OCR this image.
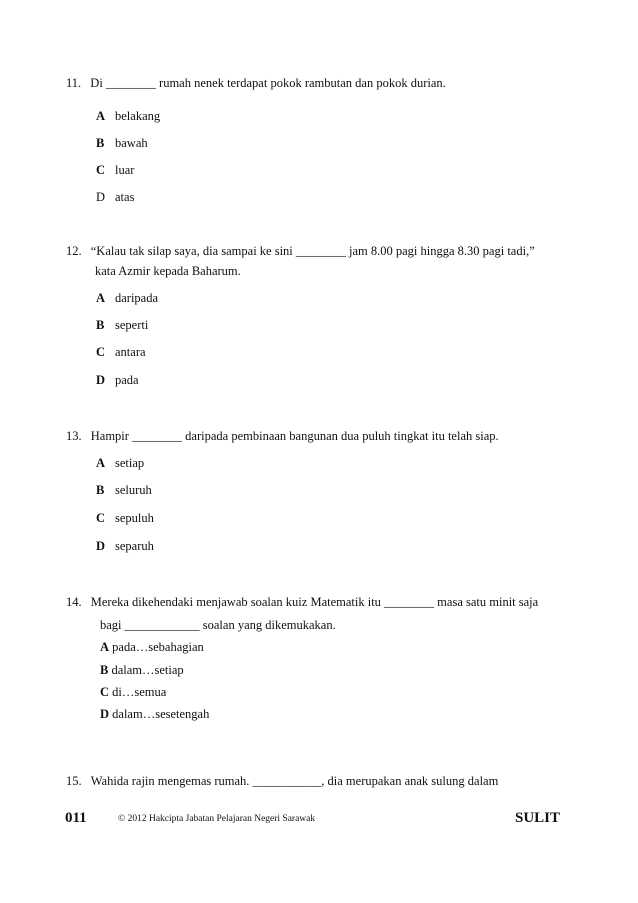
11. Di ________ rumah nenek terdapat pokok rambutan dan pokok durian.
A belakang
B bawah
C luar
D atas
12. “Kalau tak silap saya, dia sampai ke sini ________ jam 8.00 pagi hingga 8.30 pagi tadi,”
kata Azmir kepada Baharum.
A daripada
B seperti
C antara
D pada
13. Hampir ________ daripada pembinaan bangunan dua puluh tingkat itu telah siap.
A setiap
B seluruh
C sepuluh
D separuh
14. Mereka dikehendaki menjawab soalan kuiz Matematik itu ________ masa satu minit saja
bagi ____________ soalan yang dikemukakan.
A pada…sebahagian
B dalam…setiap
C di…semua
D dalam…sesetengah
15. Wahida rajin mengemas rumah. ___________, dia merupakan anak sulung dalam
011	© 2012 Hakcipta Jabatan Pelajaran Negeri Sarawak	SULIT
